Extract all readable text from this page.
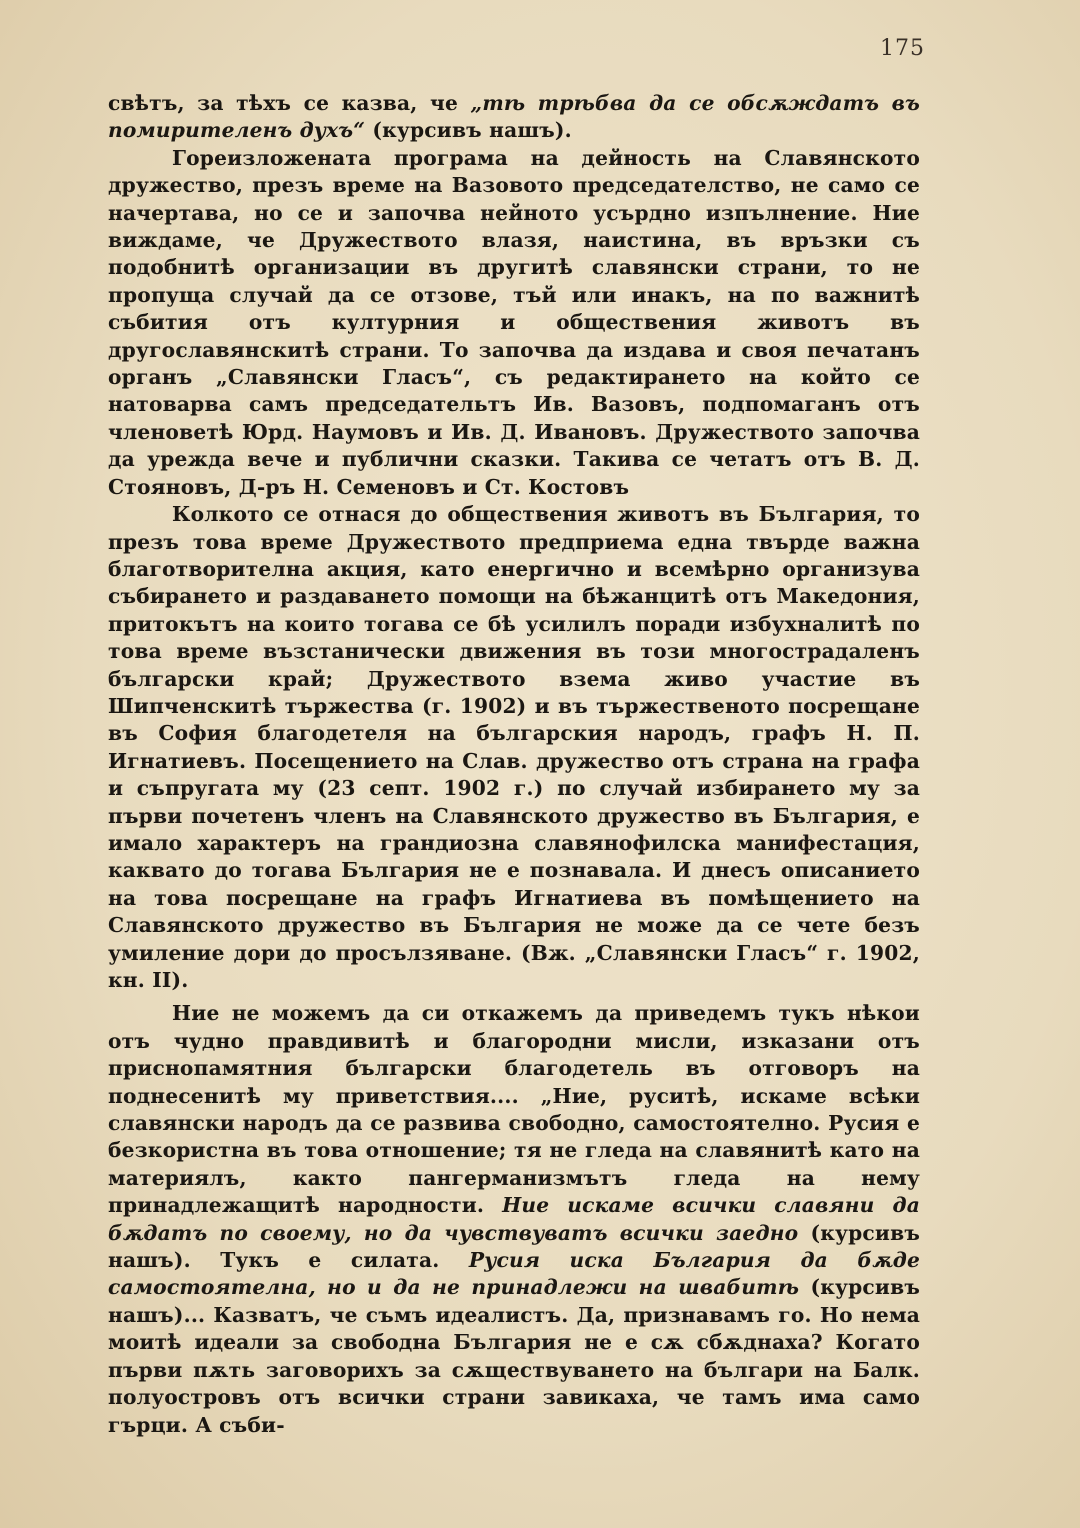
175

свѣтъ, за тѣхъ се казва, че „тѣ трѣбва да се обсѫждатъ въ помирителенъ духъ“ (курсивъ нашъ).

Гореизложената програма на дейность на Славянското дружество, презъ време на Вазовото председателство, не само се начертава, но се и започва нейното усърдно изпълнение. Ние виждаме, че Дружеството влазя, наистина, въ връзки съ подобнитѣ организации въ другитѣ славянски страни, то не пропуща случай да се отзове, тъй или инакъ, на по важнитѣ събития отъ културния и обществения животъ въ другославянскитѣ страни. То започва да издава и своя печатанъ органъ „Славянски Гласъ“, съ редактирането на който се натоварва самъ председательтъ Ив. Вазовъ, подпомаганъ отъ членоветѣ Юрд. Наумовъ и Ив. Д. Ивановъ. Дружеството започва да урежда вече и публични сказки. Такива се четатъ отъ В. Д. Стояновъ, Д-ръ Н. Семеновъ и Ст. Костовъ

Колкото се отнася до обществения животъ въ България, то презъ това време Дружеството предприема една твърде важна благотворителна акция, като енергично и всемѣрно организува събирането и раздаването помощи на бѣжанцитѣ отъ Македония, притокътъ на които тогава се бѣ усилилъ поради избухналитѣ по това време възстанически движения въ този многострадаленъ български край; Дружеството взема живо участие въ Шипченскитѣ тържества (г. 1902) и въ тържественото посрещане въ София благодетеля на българския народъ, графъ Н. П. Игнатиевъ. Посещението на Слав. дружество отъ страна на графа и съпругата му (23 септ. 1902 г.) по случай избирането му за първи почетенъ членъ на Славянското дружество въ България, е имало характеръ на грандиозна славянофилска манифестация, каквато до тогава България не е познавала. И днесъ описанието на това посрещане на графъ Игнатиева въ помѣщението на Славянското дружество въ България не може да се чете безъ умиление дори до просълзяване. (Вж. „Славянски Гласъ“ г. 1902, кн. II).

Ние не можемъ да си откажемъ да приведемъ тукъ нѣкои отъ чудно правдивитѣ и благородни мисли, изказани отъ приснопамятния български благодетель въ отговоръ на поднесенитѣ му приветствия.... „Ние, руситѣ, искаме всѣки славянски народъ да се развива свободно, самостоятелно. Русия е безкористна въ това отношение; тя не гледа на славянитѣ като на материялъ, както пангерманизмътъ гледа на нему принадлежащитѣ народности. Ние искаме всички славяни да бѫдатъ по своему, но да чувствуватъ всички заедно (курсивъ нашъ). Тукъ е силата. Русия иска България да бѫде самостоятелна, но и да не принадлежи на швабитѣ (курсивъ нашъ)... Казватъ, че съмъ идеалистъ. Да, признавамъ го. Но нема моитѣ идеали за свободна България не е сѫ сбѫднаха? Когато първи пѫть заговорихъ за сѫществуването на българи на Балк. полуостровъ отъ всички страни завикаха, че тамъ има само гърци. А съби-
